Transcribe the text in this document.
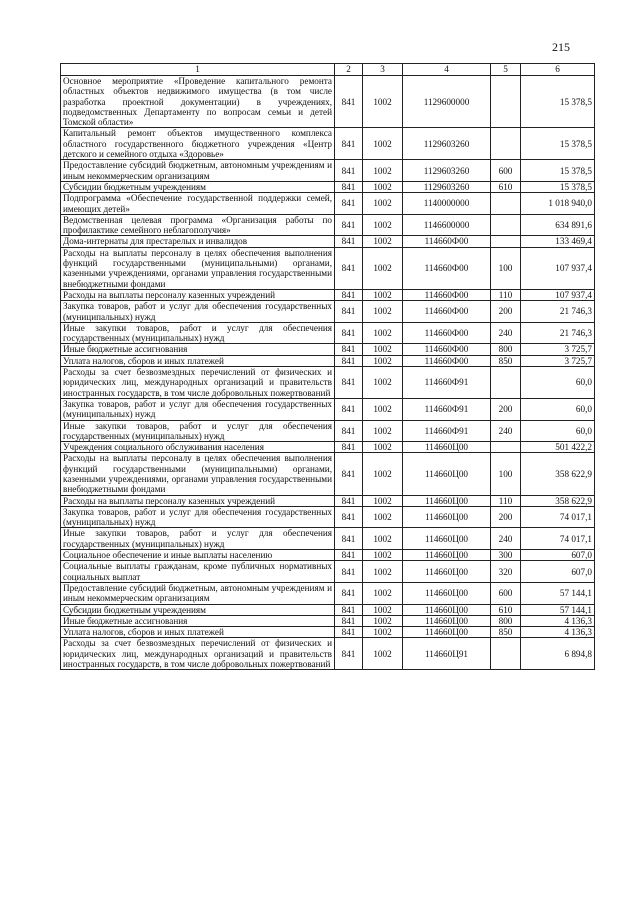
215
1	2	3	4	5	6
Основное мероприятие «Проведение капитального ремонта областных объектов недвижимого имущества (в том числе разработка проектной документации) в учреждениях, подведомственных Департаменту по вопросам семьи и детей Томской области»	841	1002	1129600000		15 378,5
Капитальный ремонт объектов имущественного комплекса областного государственного бюджетного учреждения «Центр детского и семейного отдыха «Здоровье»	841	1002	1129603260		15 378,5
Предоставление субсидий бюджетным, автономным учреждениям и иным некоммерческим организациям	841	1002	1129603260	600	15 378,5
Субсидии бюджетным учреждениям	841	1002	1129603260	610	15 378,5
Подпрограмма «Обеспечение государственной поддержки семей, имеющих детей»	841	1002	1140000000		1 018 940,0
Ведомственная целевая программа «Организация работы по профилактике семейного неблагополучия»	841	1002	1146600000		634 891,6
Дома-интернаты для престарелых и инвалидов	841	1002	114660Ф00		133 469,4
Расходы на выплаты персоналу в целях обеспечения выполнения функций государственными (муниципальными) органами, казенными учреждениями, органами управления государственными внебюджетными фондами	841	1002	114660Ф00	100	107 937,4
Расходы на выплаты персоналу казенных учреждений	841	1002	114660Ф00	110	107 937,4
Закупка товаров, работ и услуг для обеспечения государственных (муниципальных) нужд	841	1002	114660Ф00	200	21 746,3
Иные закупки товаров, работ и услуг для обеспечения государственных (муниципальных) нужд	841	1002	114660Ф00	240	21 746,3
Иные бюджетные ассигнования	841	1002	114660Ф00	800	3 725,7
Уплата налогов, сборов и иных платежей	841	1002	114660Ф00	850	3 725,7
Расходы за счет безвозмездных перечислений от физических и юридических лиц, международных организаций и правительств иностранных государств, в том числе добровольных пожертвований	841	1002	114660Ф91		60,0
Закупка товаров, работ и услуг для обеспечения государственных (муниципальных) нужд	841	1002	114660Ф91	200	60,0
Иные закупки товаров, работ и услуг для обеспечения государственных (муниципальных) нужд	841	1002	114660Ф91	240	60,0
Учреждения социального обслуживания населения	841	1002	114660Ц00		501 422,2
Расходы на выплаты персоналу в целях обеспечения выполнения функций государственными (муниципальными) органами, казенными учреждениями, органами управления государственными внебюджетными фондами	841	1002	114660Ц00	100	358 622,9
Расходы на выплаты персоналу казенных учреждений	841	1002	114660Ц00	110	358 622,9
Закупка товаров, работ и услуг для обеспечения государственных (муниципальных) нужд	841	1002	114660Ц00	200	74 017,1
Иные закупки товаров, работ и услуг для обеспечения государственных (муниципальных) нужд	841	1002	114660Ц00	240	74 017,1
Социальное обеспечение и иные выплаты населению	841	1002	114660Ц00	300	607,0
Социальные выплаты гражданам, кроме публичных нормативных социальных выплат	841	1002	114660Ц00	320	607,0
Предоставление субсидий бюджетным, автономным учреждениям и иным некоммерческим организациям	841	1002	114660Ц00	600	57 144,1
Субсидии бюджетным учреждениям	841	1002	114660Ц00	610	57 144,1
Иные бюджетные ассигнования	841	1002	114660Ц00	800	4 136,3
Уплата налогов, сборов и иных платежей	841	1002	114660Ц00	850	4 136,3
Расходы за счет безвозмездных перечислений от физических и юридических лиц, международных организаций и правительств иностранных государств, в том числе добровольных пожертвований	841	1002	114660Ц91		6 894,8
